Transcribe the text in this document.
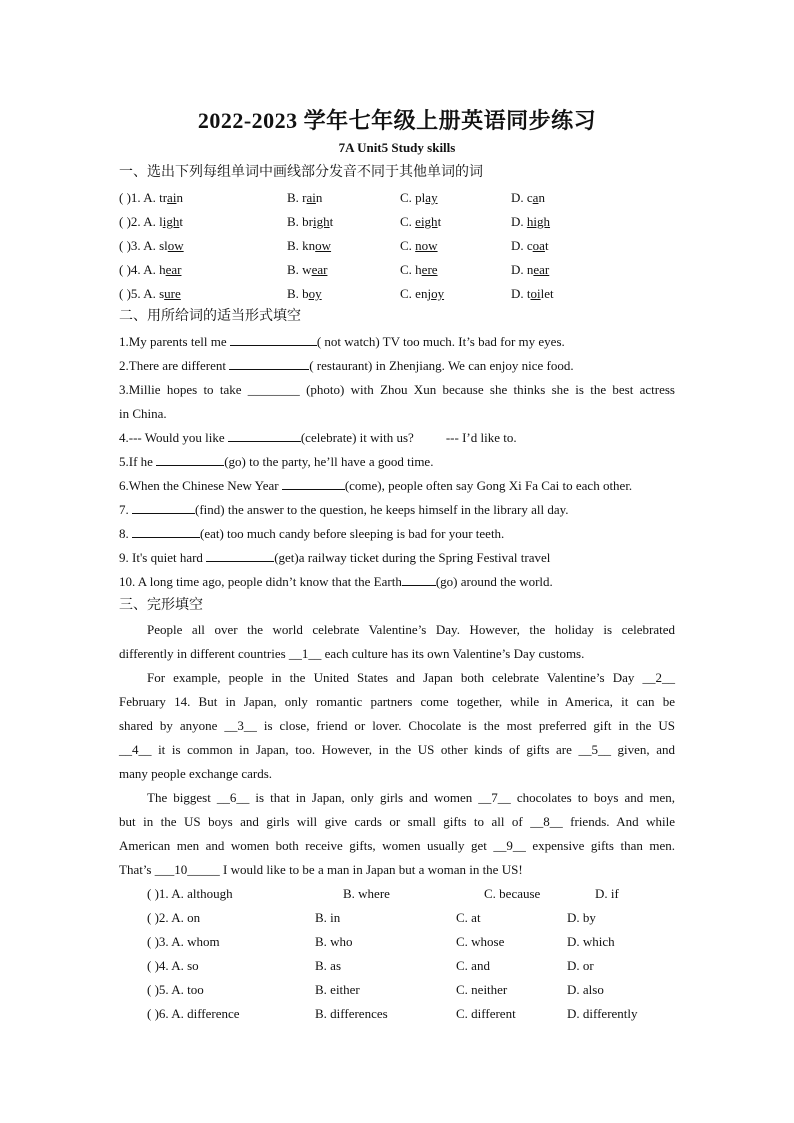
2022-2023 学年七年级上册英语同步练习
7A Unit5 Study skills
一、选出下列每组单词中画线部分发音不同于其他单词的词
( )1. A. train	B. rain	C. play	D. can
( )2. A. light	B. bright	C. eight	D. high
( )3. A. slow	B. know	C. now	D. coat
( )4. A. hear	B. wear	C. here	D. near
( )5. A. sure	B. boy	C. enjoy	D. toilet
二、用所给词的适当形式填空
1.My parents tell me	( not watch) TV too much. It’s bad for my eyes.
2.There are different	( restaurant) in Zhenjiang. We can enjoy nice food.
3.Millie hopes to take ________ (photo) with Zhou Xun because she thinks she is the best actress
in China.
4.--- Would you like	(celebrate) it with us? --- I’d like to.
5.If he	(go) to the party, he’ll have a good time.
6.When the Chinese New Year	(come), people often say Gong Xi Fa Cai to each other.
7.	(find) the answer to the question, he keeps himself in the library all day.
8.	(eat) too much candy before sleeping is bad for your teeth.
9. It's quiet hard	(get)a railway ticket during the Spring Festival travel
10. A long time ago, people didn’t know that the Earth	(go) around the world.
三、完形填空
People all over the world celebrate Valentine’s Day. However, the holiday is celebrated
differently in different countries __1__ each culture has its own Valentine’s Day customs.
For example, people in the United States and Japan both celebrate Valentine’s Day __2__
February 14. But in Japan, only romantic partners come together, while in America, it can be
shared by anyone __3__ is close, friend or lover. Chocolate is the most preferred gift in the US
__4__ it is common in Japan, too. However, in the US other kinds of gifts are __5__ given, and
many people exchange cards.
The biggest __6__ is that in Japan, only girls and women __7__ chocolates to boys and men,
but in the US boys and girls will give cards or small gifts to all of __8__ friends. And while
American men and women both receive gifts, women usually get __9__ expensive gifts than men.
That’s ___10_____ I would like to be a man in Japan but a woman in the US!
( )1. A. although	B. where	C. because	D. if
( )2. A. on	B. in	C. at	D. by
( )3. A. whom	B. who	C. whose	D. which
( )4. A. so	B. as	C. and	D. or
( )5. A. too	B. either	C. neither	D. also
( )6. A. difference	B. differences	C. different	D. differently
